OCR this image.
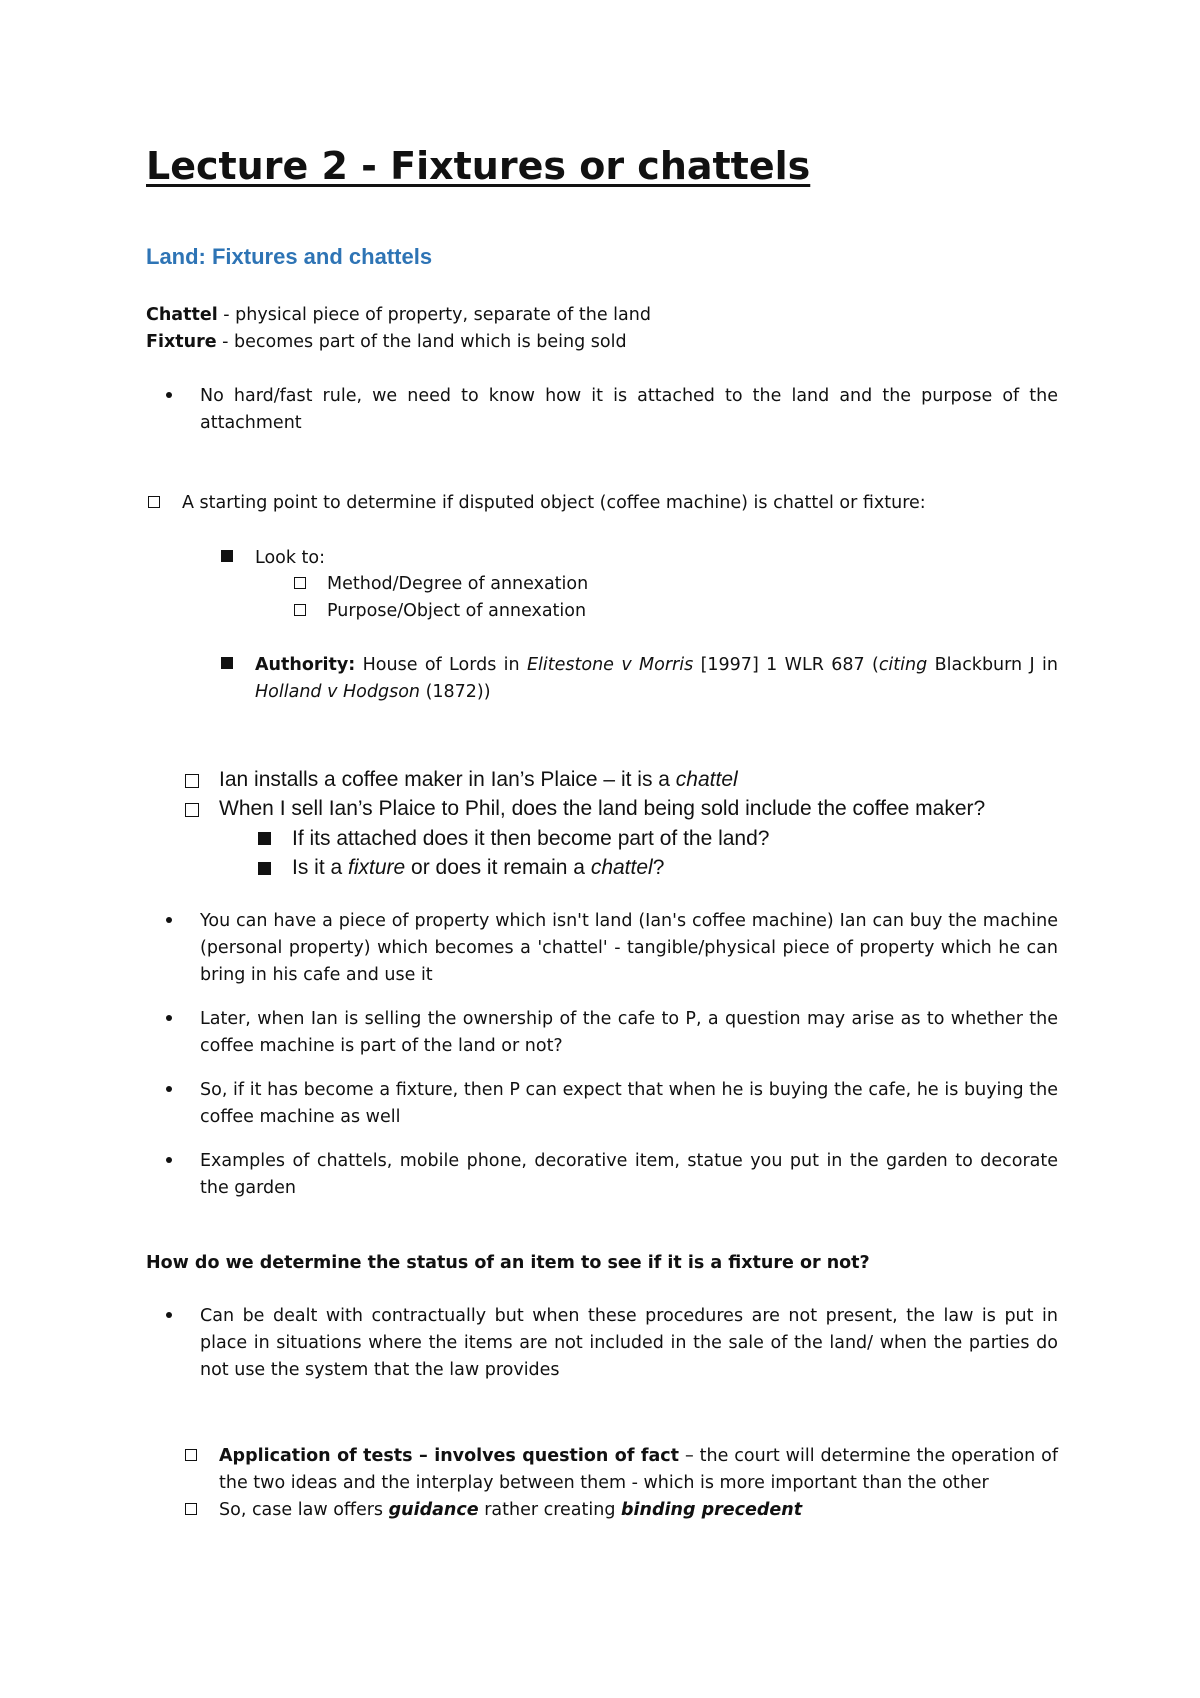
Lecture 2 - Fixtures or chattels
Land: Fixtures and chattels
Chattel - physical piece of property, separate of the land
Fixture - becomes part of the land which is being sold
No hard/fast rule, we need to know how it is attached to the land and the purpose of the attachment
A starting point to determine if disputed object (coffee machine) is chattel or fixture:
Look to:
Method/Degree of annexation
Purpose/Object of annexation
Authority: House of Lords in Elitestone v Morris [1997] 1 WLR 687 (citing Blackburn J in Holland v Hodgson (1872))
Ian installs a coffee maker in Ian’s Plaice – it is a chattel
When I sell Ian’s Plaice to Phil, does the land being sold include the coffee maker?
If its attached does it then become part of the land?
Is it a fixture or does it remain a chattel?
You can have a piece of property which isn't land (Ian's coffee machine) Ian can buy the machine (personal property) which becomes a 'chattel' - tangible/physical piece of property which he can bring in his cafe and use it
Later, when Ian is selling the ownership of the cafe to P, a question may arise as to whether the coffee machine is part of the land or not?
So, if it has become a fixture, then P can expect that when he is buying the cafe, he is buying the coffee machine as well
Examples of chattels, mobile phone, decorative item, statue you put in the garden to decorate the garden
How do we determine the status of an item to see if it is a fixture or not?
Can be dealt with contractually but when these procedures are not present, the law is put in place in situations where the items are not included in the sale of the land/ when the parties do not use the system that the law provides
Application of tests – involves question of fact – the court will determine the operation of the two ideas and the interplay between them - which is more important than the other
So, case law offers guidance rather creating binding precedent
